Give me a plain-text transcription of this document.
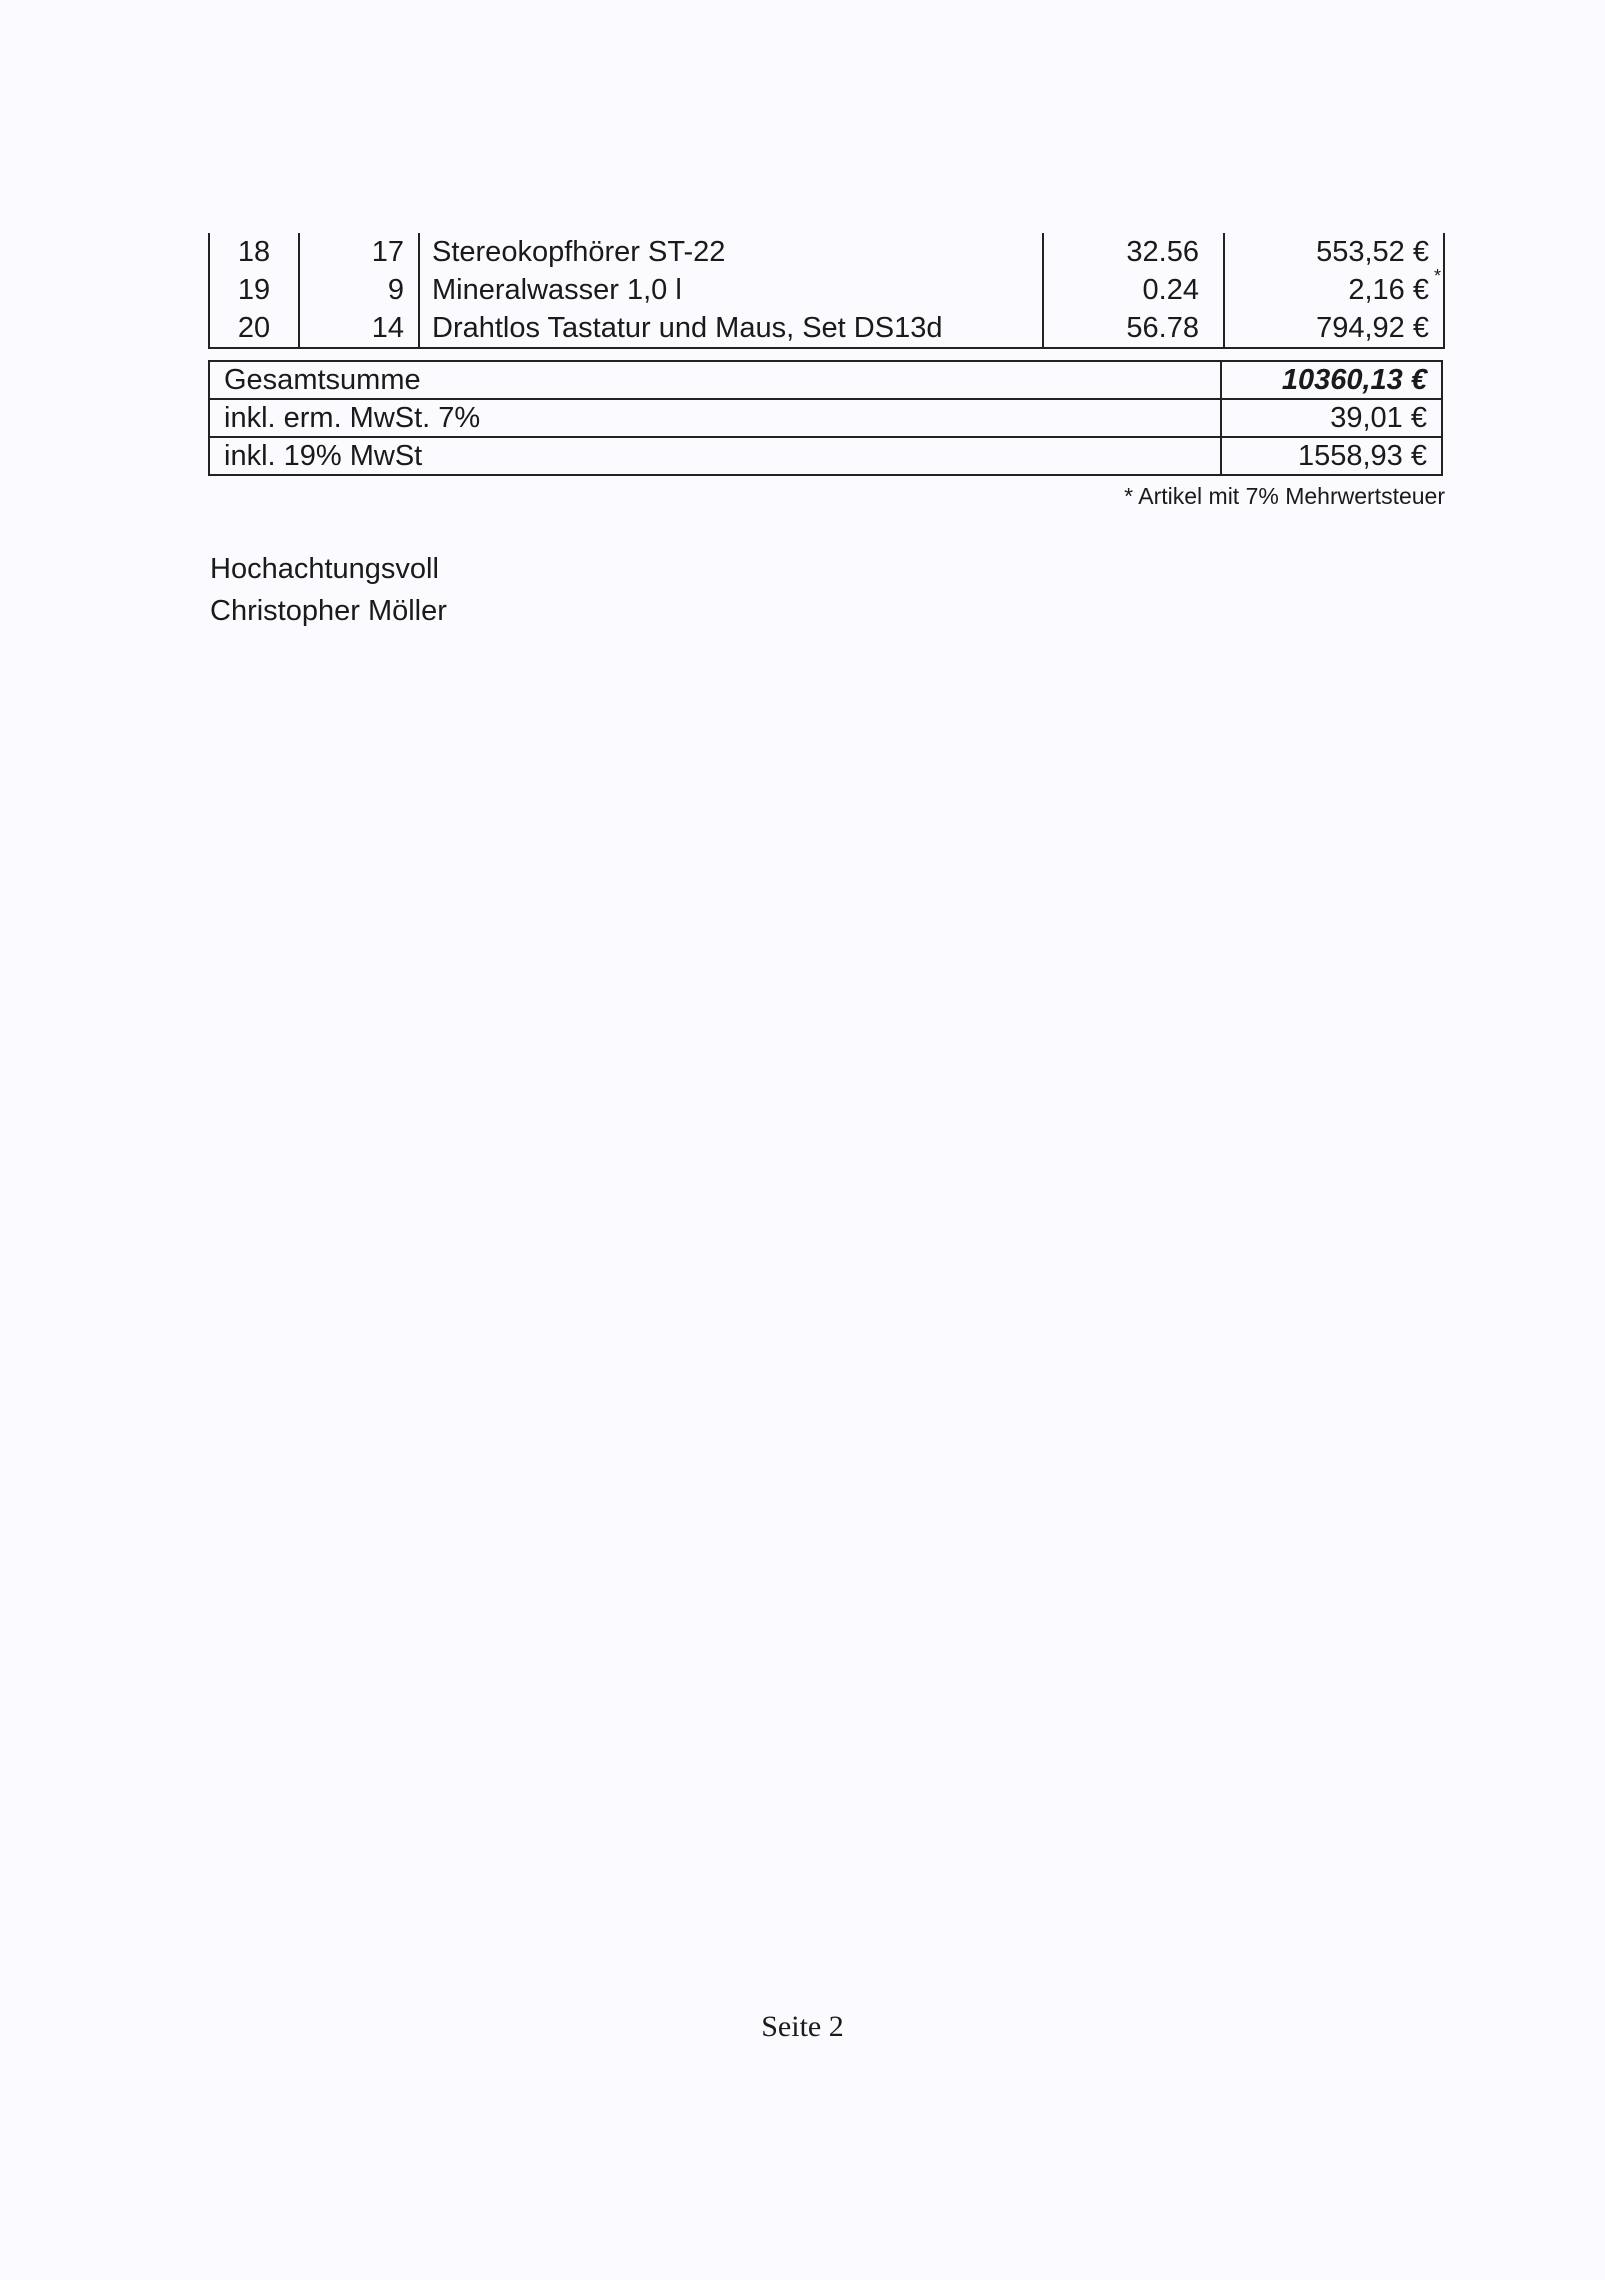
18	17	Stereokopfhörer ST-22	32.56	553,52 €

19	9	Mineralwasser 1,0 l	0.24	2,16 € *

20	14	Drahtlos Tastatur und Maus, Set DS13d	56.78	794,92 €
Gesamtsumme	10360,13 €
inkl. erm. MwSt. 7%	39,01 €
inkl. 19% MwSt	1558,93 €
* Artikel mit 7% Mehrwertsteuer
Hochachtungsvoll
Christopher Möller
Seite 2
